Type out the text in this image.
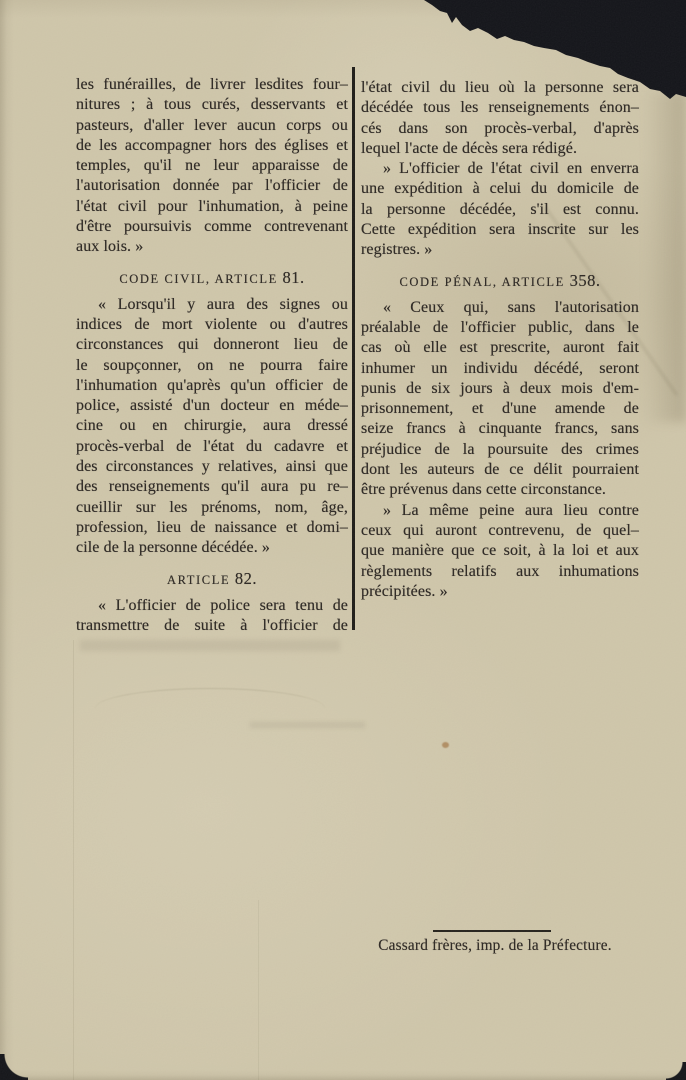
les funérailles, de livrer lesdites four–
nitures ; à tous curés, desservants et
pasteurs, d'aller lever aucun corps ou
de les accompagner hors des églises et
temples, qu'il ne leur apparaisse de
l'autorisation donnée par l'officier de
l'état civil pour l'inhumation, à peine
d'être poursuivis comme contrevenant
aux lois. »
CODE CIVIL, ARTICLE 81.
« Lorsqu'il y aura des signes ou
indices de mort violente ou d'autres
circonstances qui donneront lieu de
le soupçonner, on ne pourra faire
l'inhumation qu'après qu'un officier de
police, assisté d'un docteur en méde–
cine ou en chirurgie, aura dressé
procès-verbal de l'état du cadavre et
des circonstances y relatives, ainsi que
des renseignements qu'il aura pu re–
cueillir sur les prénoms, nom, âge,
profession, lieu de naissance et domi–
cile de la personne décédée. »
ARTICLE 82.
« L'officier de police sera tenu de
transmettre de suite à l'officier de
l'état civil du lieu où la personne sera
décédée tous les renseignements énon–
cés dans son procès-verbal, d'après
lequel l'acte de décès sera rédigé.
» L'officier de l'état civil en enverra
une expédition à celui du domicile de
la personne décédée, s'il est connu.
Cette expédition sera inscrite sur les
registres. »
CODE PÉNAL, ARTICLE 358.
« Ceux qui, sans l'autorisation
préalable de l'officier public, dans le
cas où elle est prescrite, auront fait
inhumer un individu décédé, seront
punis de six jours à deux mois d'em-
prisonnement, et d'une amende de
seize francs à cinquante francs, sans
préjudice de la poursuite des crimes
dont les auteurs de ce délit pourraient
être prévenus dans cette circonstance.
» La même peine aura lieu contre
ceux qui auront contrevenu, de quel–
que manière que ce soit, à la loi et aux
règlements relatifs aux inhumations
précipitées. »
Cassard frères, imp. de la Préfecture.
